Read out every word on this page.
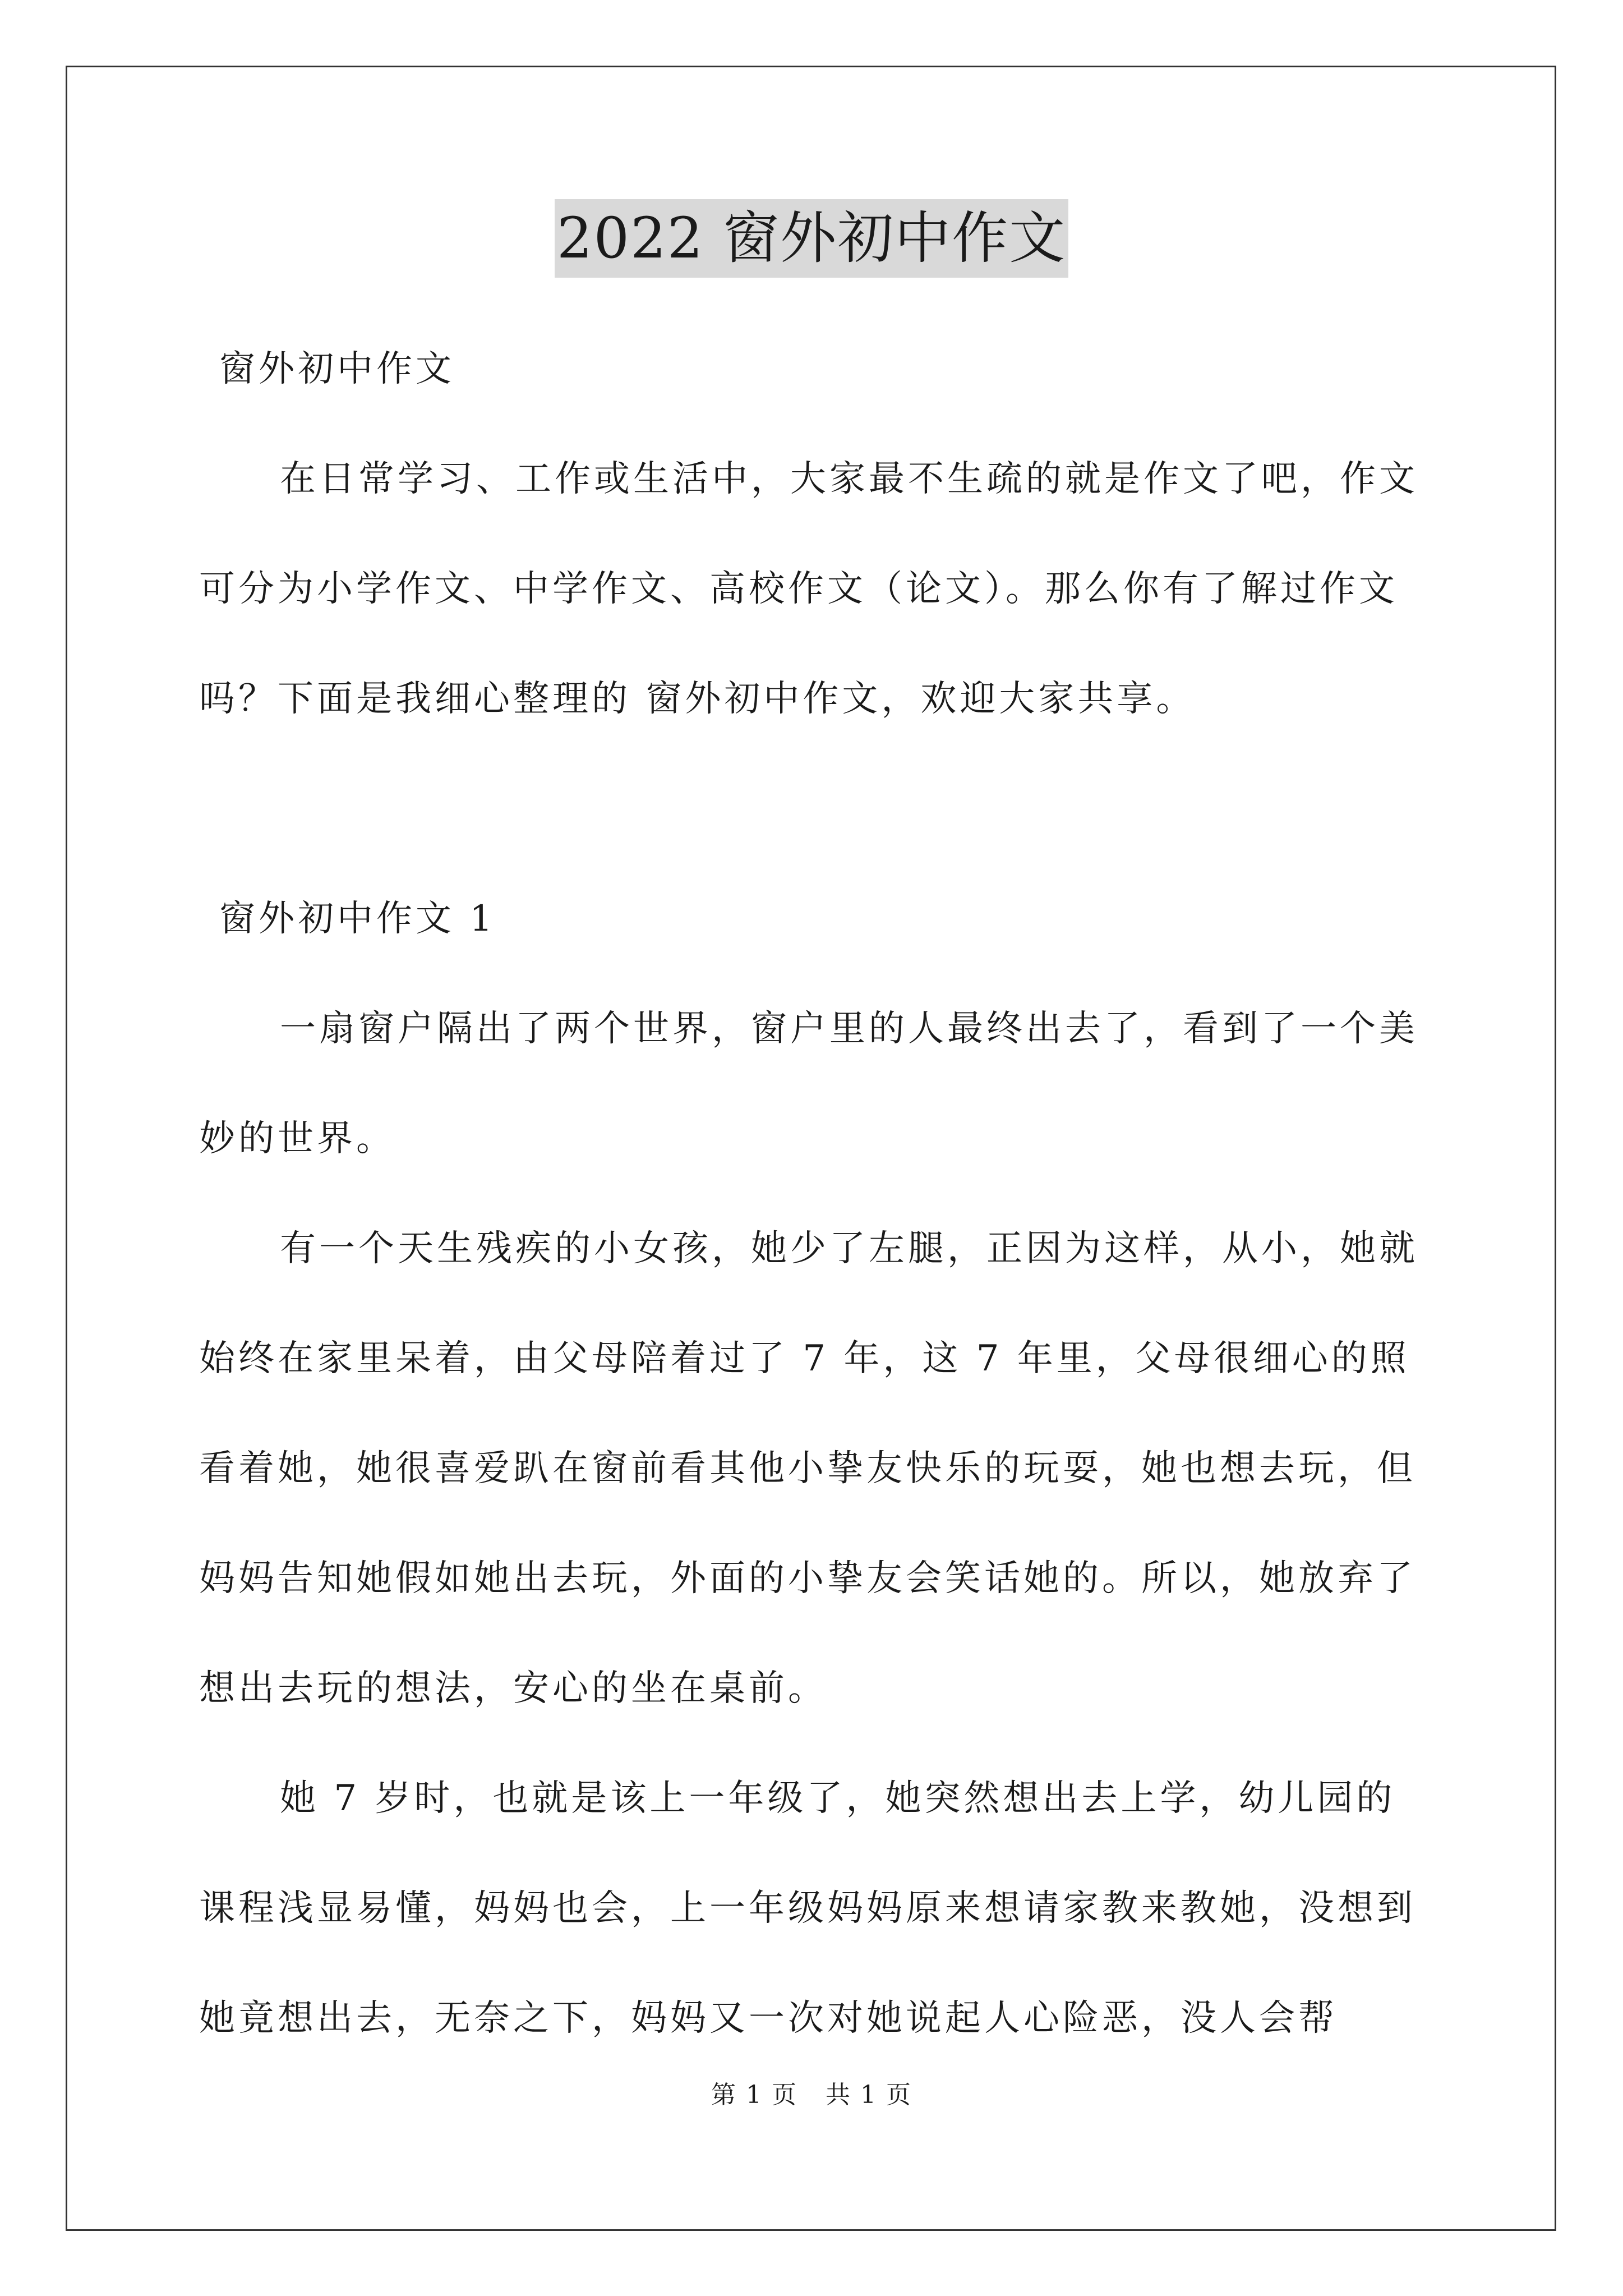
2022 窗外初中作文

窗外初中作文

在日常学习、工作或生活中，大家最不生疏的就是作文了吧，作文可分为小学作文、中学作文、高校作文（论文）。那么你有了解过作文吗？下面是我细心整理的 窗外初中作文，欢迎大家共享。

窗外初中作文 1

一扇窗户隔出了两个世界，窗户里的人最终出去了，看到了一个美妙的世界。

有一个天生残疾的小女孩，她少了左腿，正因为这样，从小，她就始终在家里呆着，由父母陪着过了 7 年，这 7 年里，父母很细心的照看着她，她很喜爱趴在窗前看其他小挚友快乐的玩耍，她也想去玩，但妈妈告知她假如她出去玩，外面的小挚友会笑话她的。所以，她放弃了想出去玩的想法，安心的坐在桌前。

她 7 岁时，也就是该上一年级了，她突然想出去上学，幼儿园的课程浅显易懂，妈妈也会，上一年级妈妈原来想请家教来教她，没想到她竟想出去，无奈之下，妈妈又一次对她说起人心险恶，没人会帮

第 1 页 共 1 页
